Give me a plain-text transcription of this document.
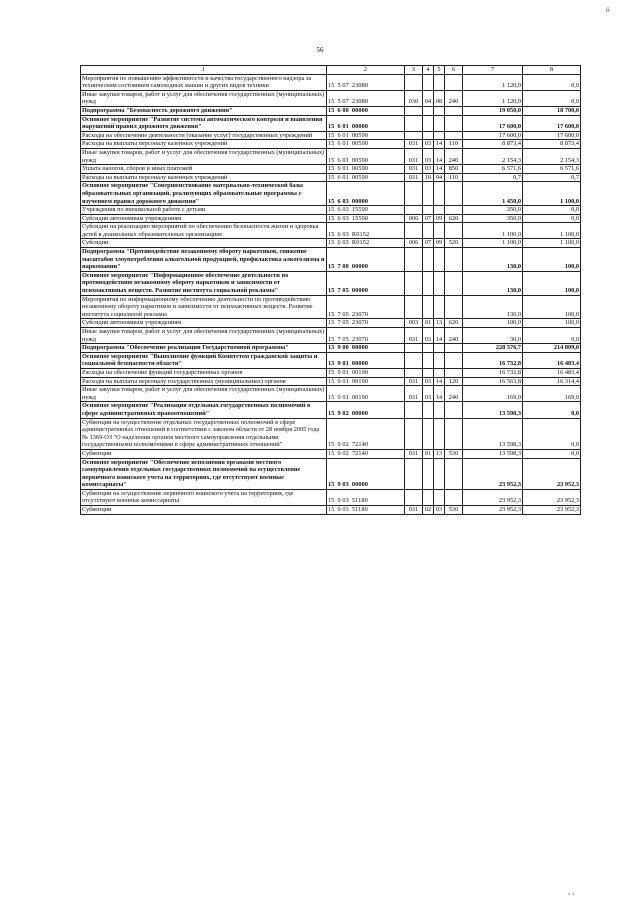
56
ö
‹ ‹
1	2	3	4	5	6	7	8
Мероприятия по повышению эффективности и качества государственного надзора за техническим состоянием самоходных машин и других видов техники	15 5 07 23080					1 120,0	0,0
Иные закупки товаров, работ и услуг для обеспечения государственных (муниципальных) нужд	15 5 07 23080	030	04	08	240	1 120,0	0,0
Подпрограмма "Безопасность дорожного движения"	15 6 00 00000					19 050,0	18 700,0
Основное мероприятие "Развитие системы автоматического контроля и выявления нарушений правил дорожного движения"	15 6 01 00000					17 600,0	17 600,0
Расходы на обеспечение деятельности (оказание услуг) государственных учреждений	15 6 01 00590					17 600,0	17 600,0
Расходы на выплаты персоналу казенных учреждений	15 6 01 00590	031	03	14	110	8 873,4	8 873,4
Иные закупки товаров, работ и услуг для обеспечения государственных (муниципальных) нужд	15 6 01 00590	031	03	14	240	2 154,3	2 154,3
Уплата налогов, сборов и иных платежей	15 6 01 00590	031	03	14	850	6 571,6	6 571,6
Расходы на выплаты персоналу казенных учреждений	15 6 01 00590	031	10	04	110	0,7	0,7
Основное мероприятие "Совершенствование материально-технической базы образовательных организаций, реализующих образовательные программы с изучением правил дорожного движения"	15 6 03 00000					1 450,0	1 100,0
Учреждения по внешкольной работе с детьми	15 6 03 15590					350,0	0,0
Субсидии автономным учреждениям	15 6 03 15590	006	07	09	620	350,0	0,0
Субсидии на реализацию мероприятий по обеспечению безопасности жизни и здоровья детей в дошкольных образовательных организациях	15 6 03 R0152					1 100,0	1 100,0
Субсидии	15 6 03 R0152	006	07	09	520	1 100,0	1 100,0
Подпрограмма "Противодействие незаконному обороту наркотиков, снижение масштабов злоупотребления алкогольной продукцией, профилактика алкоголизма и наркомании"	15 7 00 00000					130,0	100,0
Основное мероприятие "Информационное обеспечение деятельности по противодействию незаконному обороту наркотиков и зависимости от психоактивных веществ. Развитие института социальной рекламы"	15 7 05 00000					130,0	100,0
Мероприятия по информационному обеспечению деятельности по противодействию незаконному обороту наркотиков и зависимости от психоактивных веществ. Развитие института социальной рекламы	15 7 05 23070					130,0	100,0
Субсидии автономным учреждениям	15 7 05 23070	003	01	13	620	100,0	100,0
Иные закупки товаров, работ и услуг для обеспечения государственных (муниципальных) нужд	15 7 05 23070	031	03	14	240	30,0	0,0
Подпрограмма "Обеспечение реализации Государственной программы"	15 9 00 00000					228 576,7	214 809,0
Основное мероприятие "Выполнение функций Комитетом гражданской защиты и социальной безопасности области"	15 9 01 00000					16 732,8	16 483,4
Расходы на обеспечение функций государственных органов	15 9 01 00190					16 732,8	16 483,4
Расходы на выплаты персоналу государственных (муниципальных) органов	15 9 01 00190	031	03	14	120	16 563,8	16 314,4
Иные закупки товаров, работ и услуг для обеспечения государственных (муниципальных) нужд	15 9 01 00190	031	03	14	240	169,0	169,0
Основное мероприятие "Реализация отдельных государственных полномочий в сфере административных правоотношений"	15 9 02 00000					13 598,3	0,0
Субвенции на осуществление отдельных государственных полномочий в сфере административных отношений в соответствии с законом области от 28 ноября 2005 года № 1369-ОЗ "О наделении органов местного самоуправления отдельными государственными полномочиями в сфере административных отношений"	15 9 02 72140					13 598,3	0,0
Субвенции	15 9 02 72140	031	01	13	530	13 598,3	0,0
Основное мероприятие "Обеспечение исполнения органами местного самоуправления отдельных государственных полномочий на осуществление первичного воинского учета на территориях, где отсутствуют военные комиссариаты"	15 9 03 00000					23 952,3	23 952,3
Субвенции на осуществление первичного воинского учета на территориях, где отсутствуют военные комиссариаты	15 9 03 51180					23 952,3	23 952,3
Субвенции	15 9 03 51180	031	02	03	530	23 952,3	23 952,3
